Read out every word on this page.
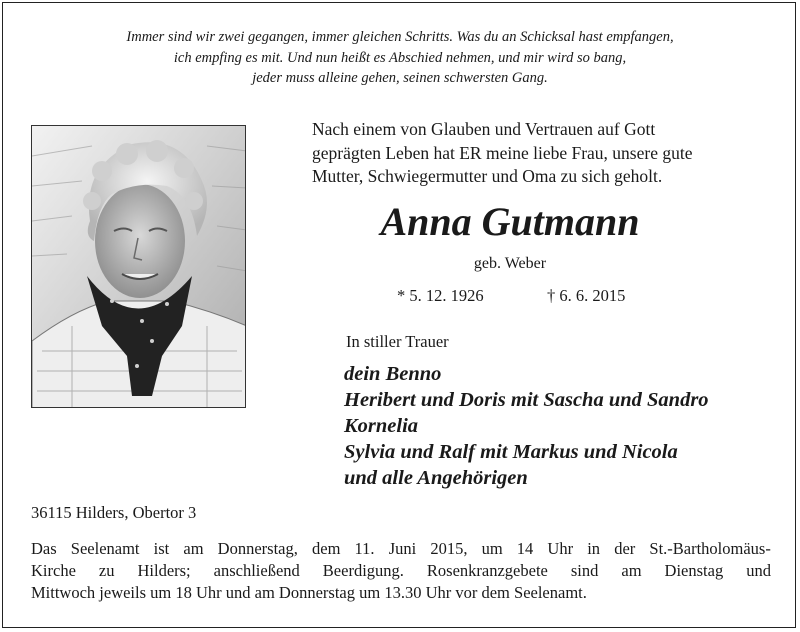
Immer sind wir zwei gegangen, immer gleichen Schritts. Was du an Schicksal hast empfangen,
ich empfing es mit. Und nun heißt es Abschied nehmen, und mir wird so bang,
jeder muss alleine gehen, seinen schwersten Gang.
Nach einem von Glauben und Vertrauen auf Gott
geprägten Leben hat ER meine liebe Frau, unsere gute
Mutter, Schwiegermutter und Oma zu sich geholt.
Anna Gutmann
geb. Weber
* 5. 12. 1926	† 6. 6. 2015
In stiller Trauer
dein Benno
Heribert und Doris mit Sascha und Sandro
Kornelia
Sylvia und Ralf mit Markus und Nicola
und alle Angehörigen
36115 Hilders, Obertor 3
Das Seelenamt ist am Donnerstag, dem 11. Juni 2015, um 14 Uhr in der St.-Bartholomäus-
Kirche zu Hilders; anschließend Beerdigung. Rosenkranzgebete sind am Dienstag und
Mittwoch jeweils um 18 Uhr und am Donnerstag um 13.30 Uhr vor dem Seelenamt.
